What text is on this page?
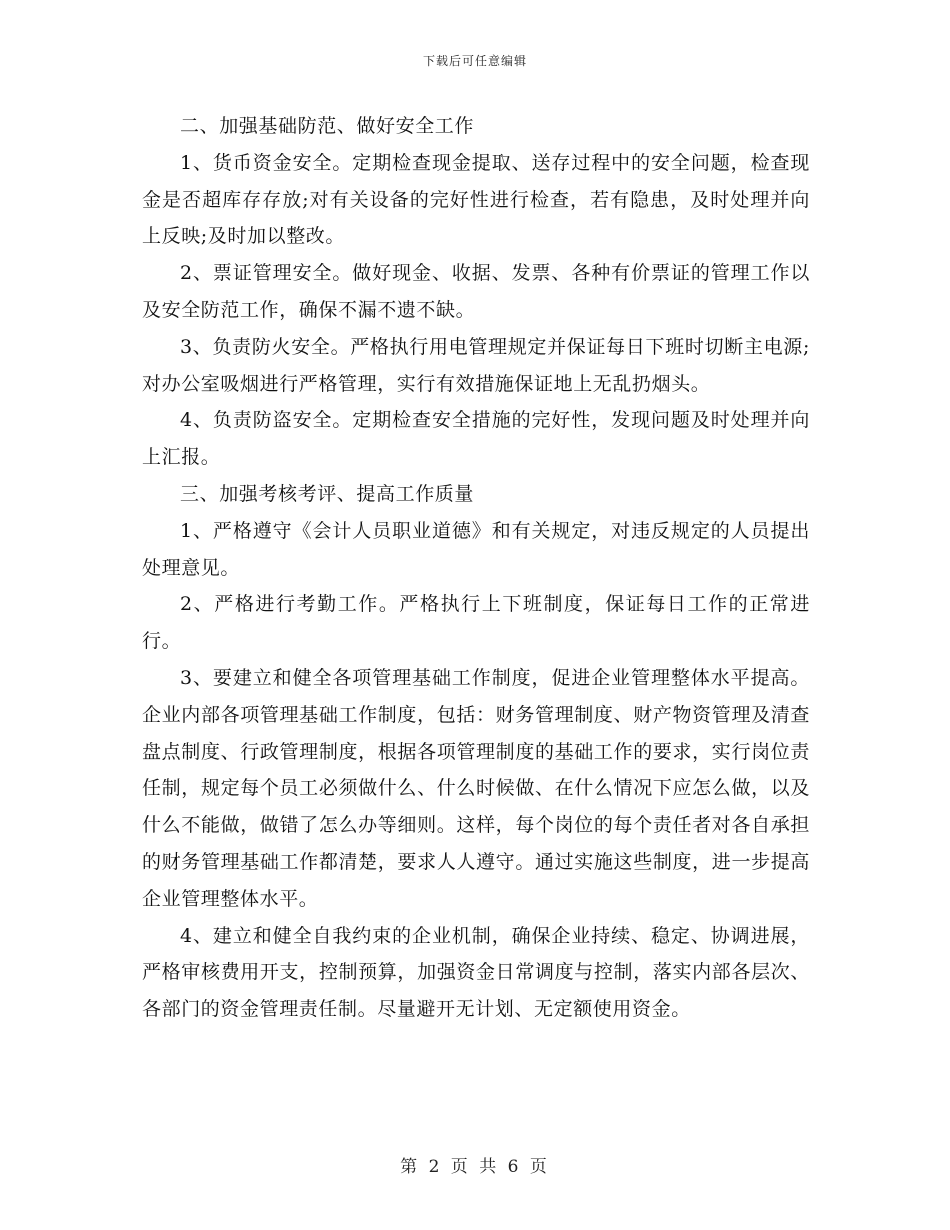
下载后可任意编辑

二、加强基础防范、做好安全工作

1、货币资金安全。定期检查现金提取、送存过程中的安全问题，检查现金是否超库存存放;对有关设备的完好性进行检查，若有隐患，及时处理并向上反映;及时加以整改。

2、票证管理安全。做好现金、收据、发票、各种有价票证的管理工作以及安全防范工作，确保不漏不遗不缺。

3、负责防火安全。严格执行用电管理规定并保证每日下班时切断主电源;对办公室吸烟进行严格管理，实行有效措施保证地上无乱扔烟头。

4、负责防盗安全。定期检查安全措施的完好性，发现问题及时处理并向上汇报。

三、加强考核考评、提高工作质量

1、严格遵守《会计人员职业道德》和有关规定，对违反规定的人员提出处理意见。

2、严格进行考勤工作。严格执行上下班制度，保证每日工作的正常进行。

3、要建立和健全各项管理基础工作制度，促进企业管理整体水平提高。企业内部各项管理基础工作制度，包括：财务管理制度、财产物资管理及清查盘点制度、行政管理制度，根据各项管理制度的基础工作的要求，实行岗位责任制，规定每个员工必须做什么、什么时候做、在什么情况下应怎么做，以及什么不能做，做错了怎么办等细则。这样，每个岗位的每个责任者对各自承担的财务管理基础工作都清楚，要求人人遵守。通过实施这些制度，进一步提高企业管理整体水平。

4、建立和健全自我约束的企业机制，确保企业持续、稳定、协调进展，严格审核费用开支，控制预算，加强资金日常调度与控制，落实内部各层次、各部门的资金管理责任制。尽量避开无计划、无定额使用资金。

第 2 页 共 6 页
